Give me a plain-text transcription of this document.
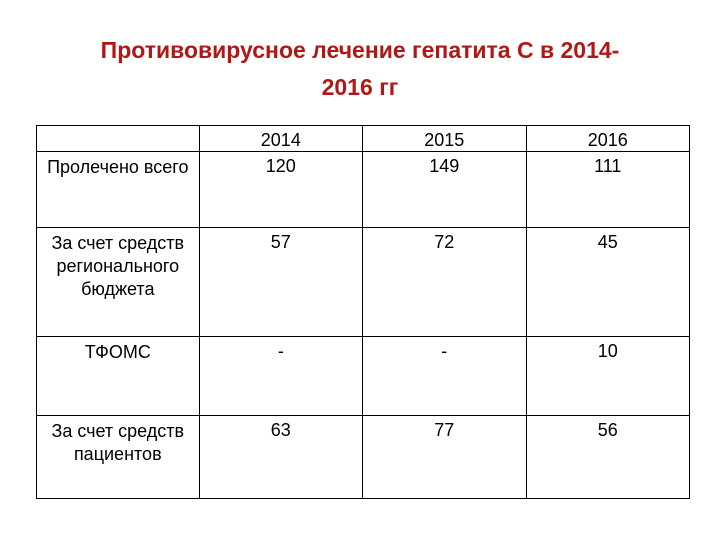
Противовирусное лечение гепатита С в 2014-
2016 гг
	2014	2015	2016
Пролечено всего	120	149	111
За счет средств регионального бюджета	57	72	45
ТФОМС	-	-	10
За счет средств пациентов	63	77	56
